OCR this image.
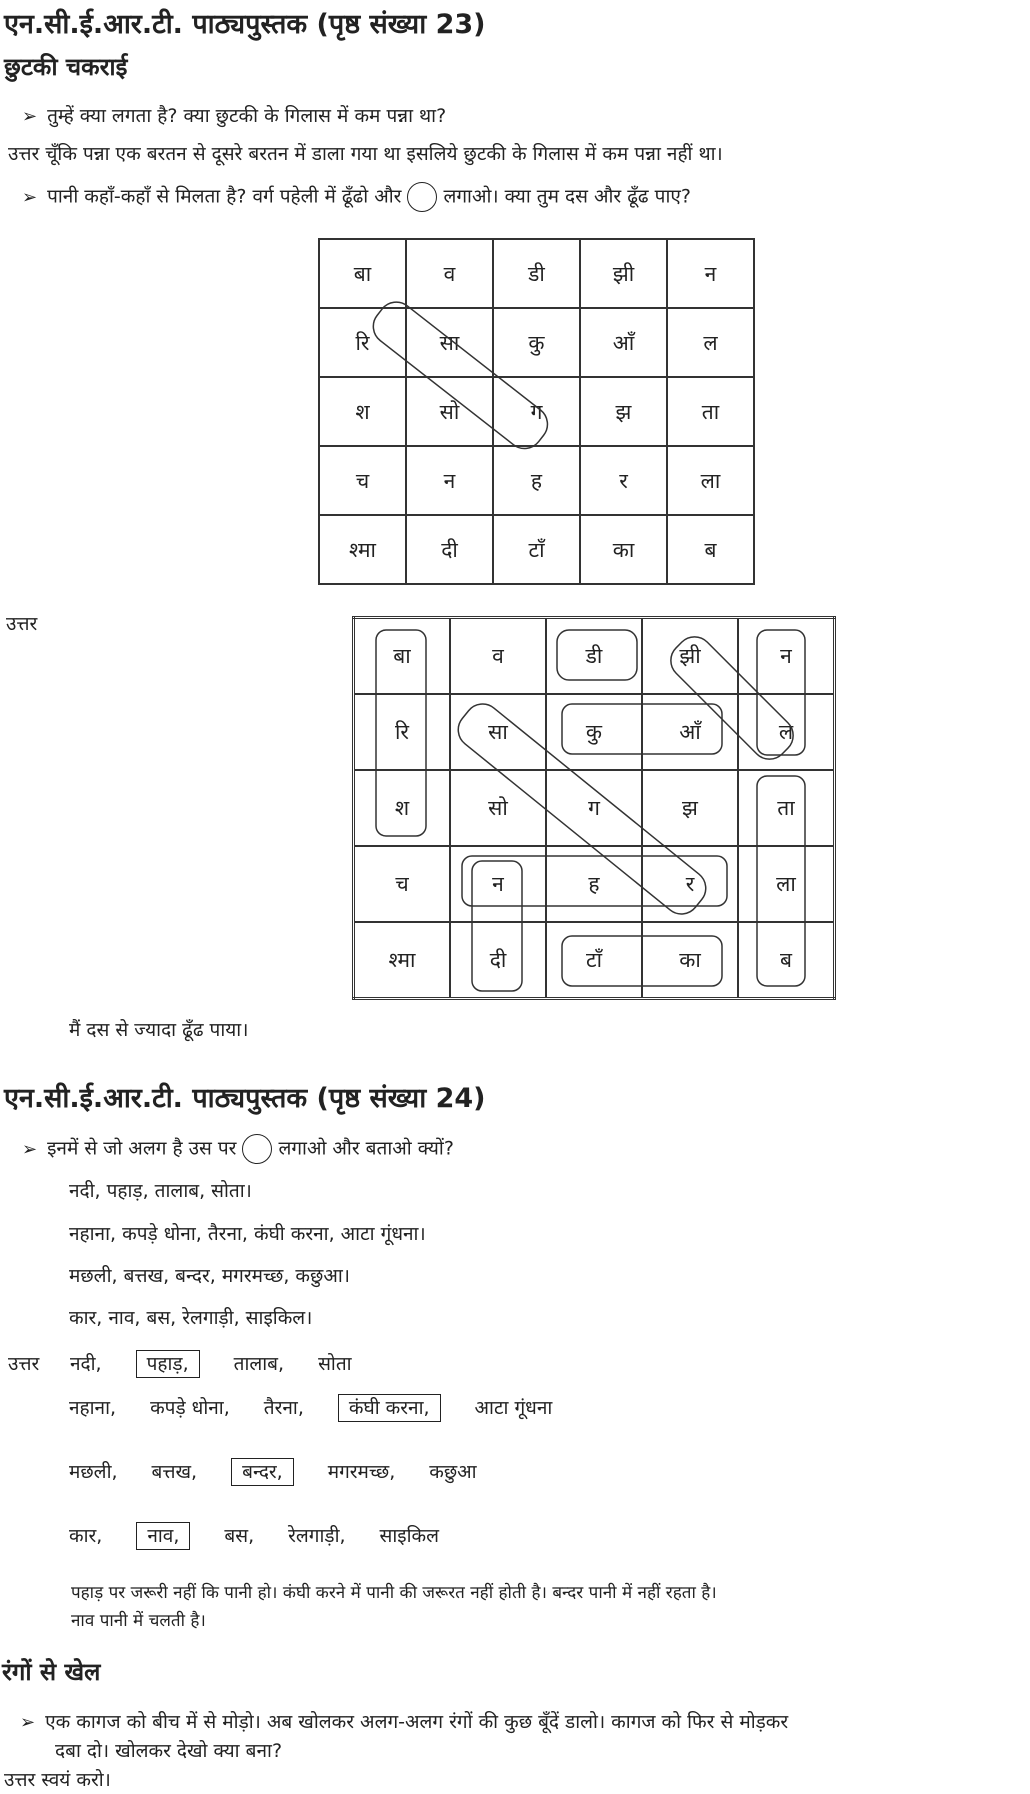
एन.सी.ई.आर.टी. पाठ्यपुस्तक (पृष्ठ संख्या 23)
छुटकी चकराई
➢ तुम्हें क्या लगता है? क्या छुटकी के गिलास में कम पन्ना था?
उत्तर चूँकि पन्ना एक बरतन से दूसरे बरतन में डाला गया था इसलिये छुटकी के गिलास में कम पन्ना नहीं था।
➢ पानी कहाँ-कहाँ से मिलता है? वर्ग पहेली में ढूँढो और लगाओ। क्या तुम दस और ढूँढ पाए?
बा	व	डी	झी	न
रि	सा	कु	आँ	ल
श	सो	ग	झ	ता
च	न	ह	र	ला
श्मा	दी	टाँ	का	ब
उत्तर
बा	व	डी	झी	न
रि	सा	कु	आँ	ल
श	सो	ग	झ	ता
च	न	ह	र	ला
श्मा	दी	टाँ	का	ब
मैं दस से ज्यादा ढूँढ पाया।
एन.सी.ई.आर.टी. पाठ्यपुस्तक (पृष्ठ संख्या 24)
➢ इनमें से जो अलग है उस पर लगाओ और बताओ क्यों?
नदी, पहाड़, तालाब, सोता।
नहाना, कपड़े धोना, तैरना, कंघी करना, आटा गूंधना।
मछली, बत्तख, बन्दर, मगरमच्छ, कछुआ।
कार, नाव, बस, रेलगाड़ी, साइकिल।
उत्तर नदी, पहाड़, तालाब, सोता
नहाना, कपड़े धोना, तैरना, कंघी करना, आटा गूंधना
मछली, बत्तख, बन्दर, मगरमच्छ, कछुआ
कार, नाव, बस, रेलगाड़ी, साइकिल
पहाड़ पर जरूरी नहीं कि पानी हो। कंघी करने में पानी की जरूरत नहीं होती है। बन्दर पानी में नहीं रहता है।
नाव पानी में चलती है।
रंगों से खेल
➢ एक कागज को बीच में से मोड़ो। अब खोलकर अलग-अलग रंगों की कुछ बूँदें डालो। कागज को फिर से मोड़कर
दबा दो। खोलकर देखो क्या बना?
उत्तर स्वयं करो।
